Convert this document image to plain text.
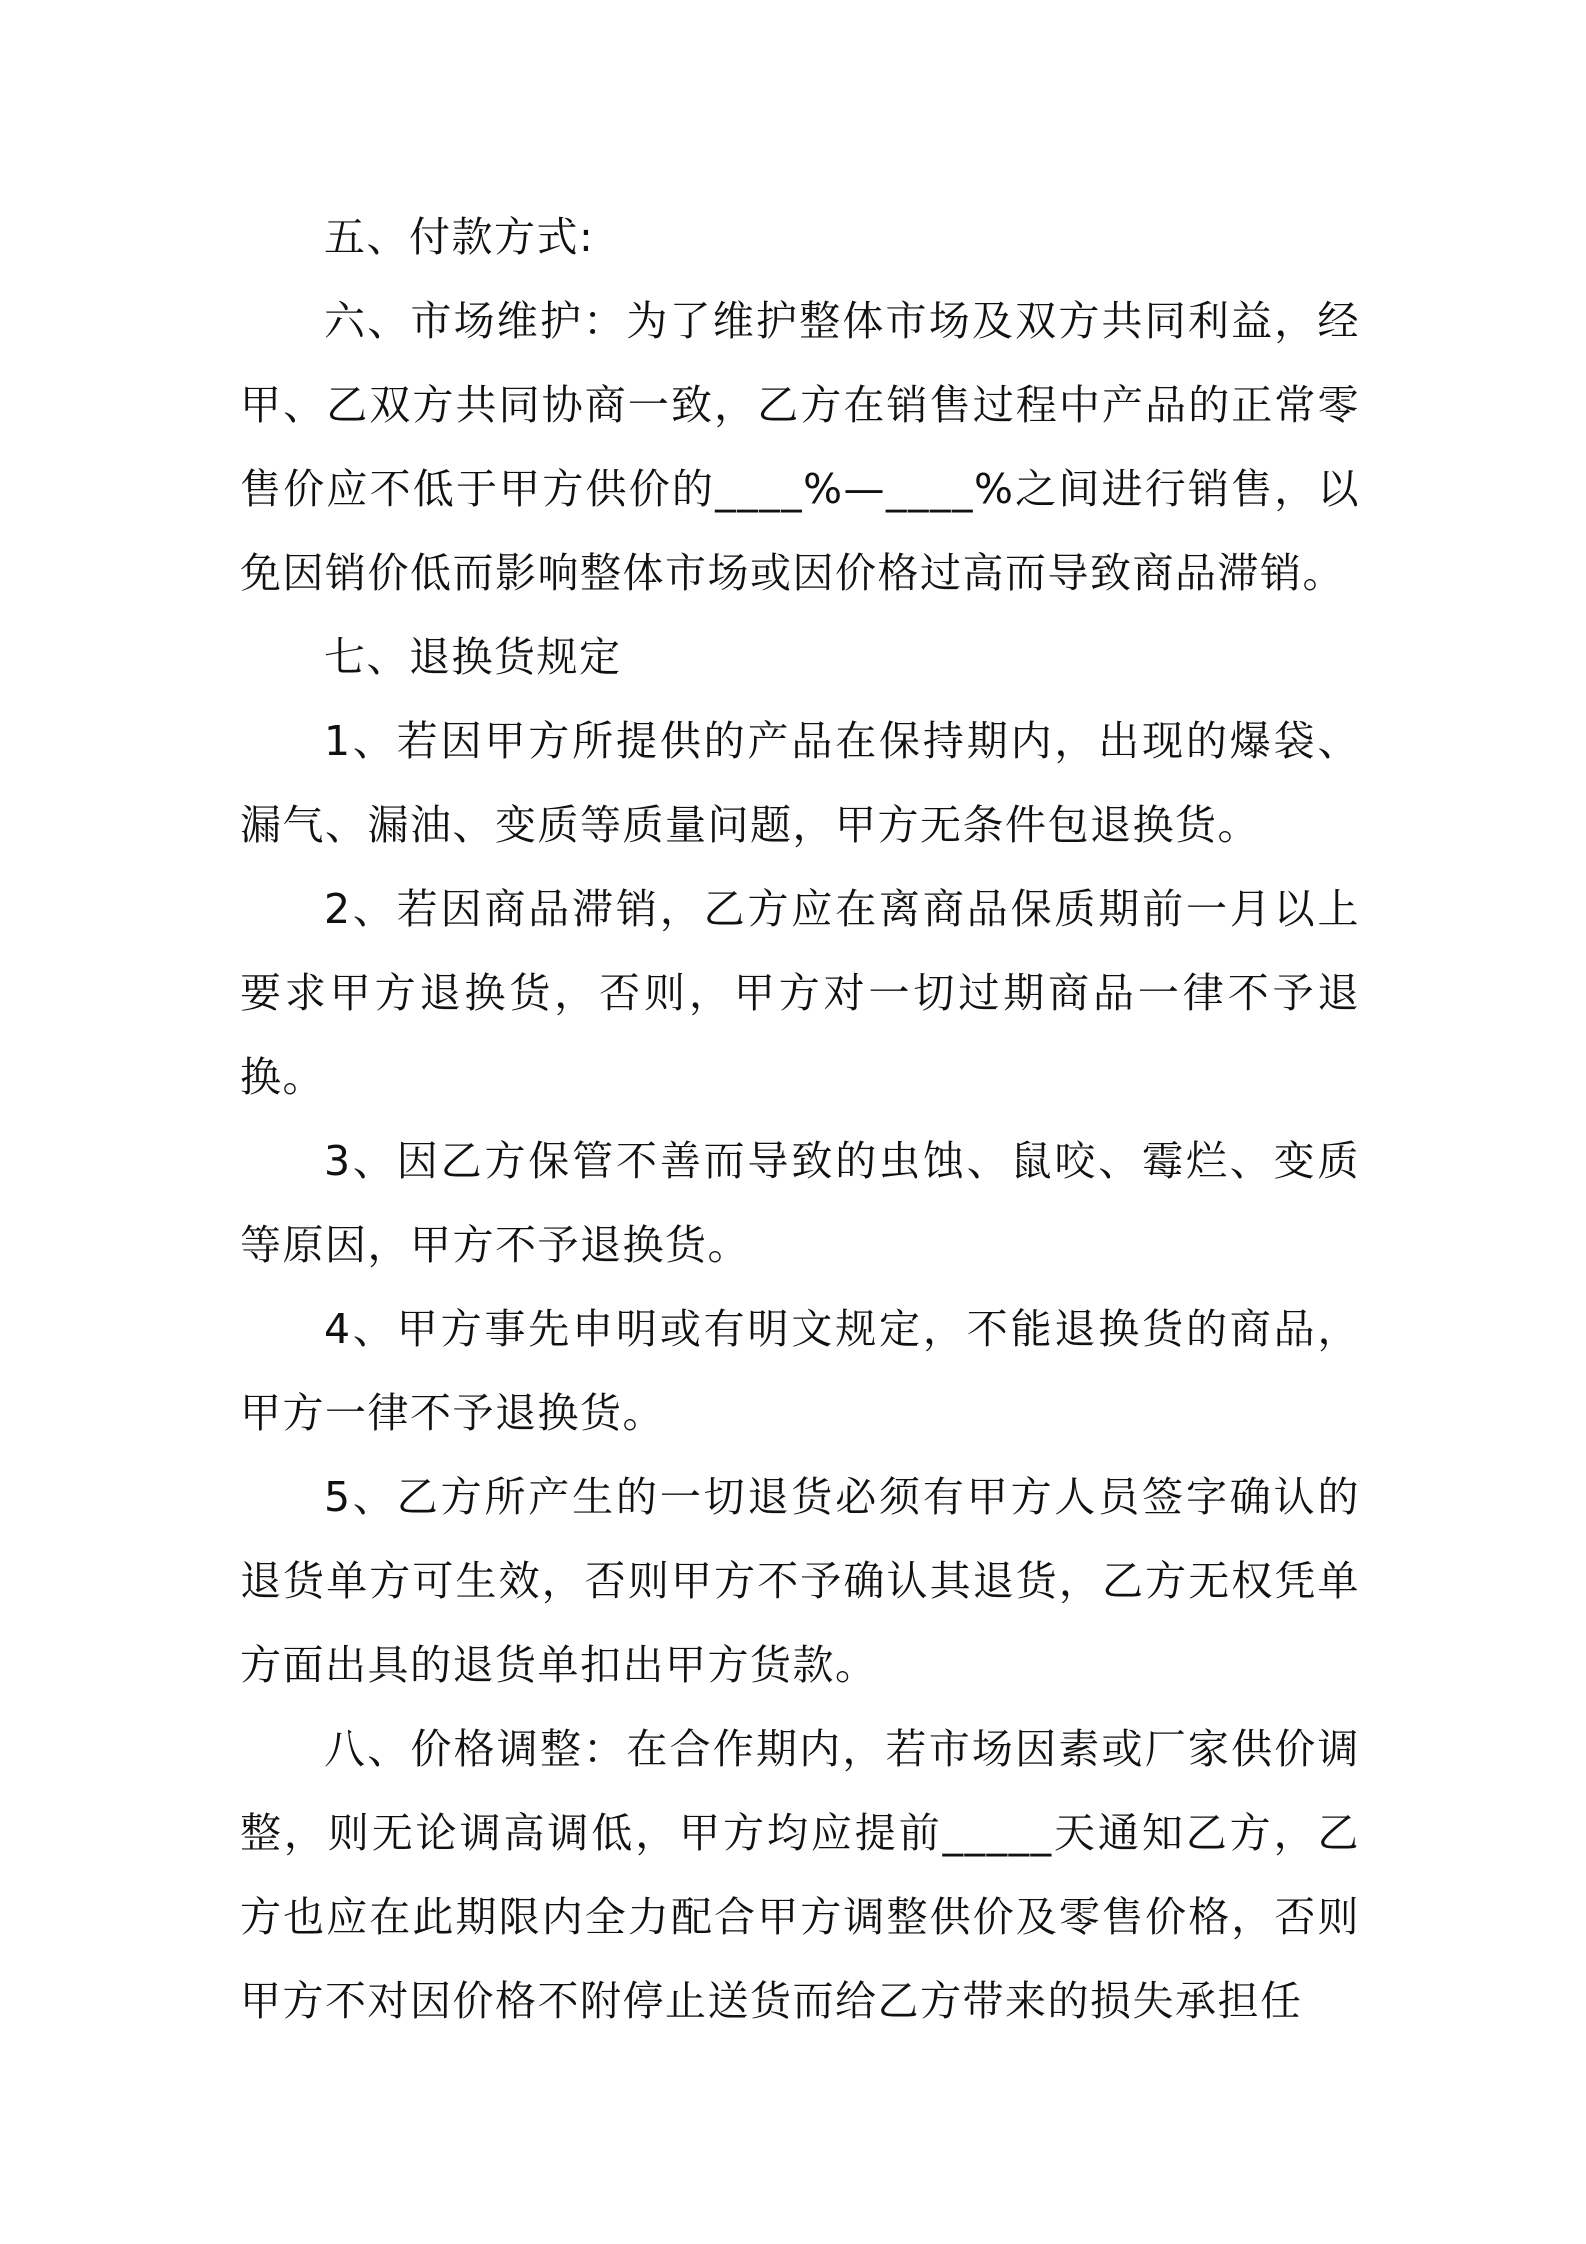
五、付款方式:

六、市场维护：为了维护整体市场及双方共同利益，经甲、乙双方共同协商一致，乙方在销售过程中产品的正常零售价应不低于甲方供价的____%—____%之间进行销售，以免因销价低而影响整体市场或因价格过高而导致商品滞销。

七、退换货规定

1、若因甲方所提供的产品在保持期内，出现的爆袋、漏气、漏油、变质等质量问题，甲方无条件包退换货。

2、若因商品滞销，乙方应在离商品保质期前一月以上要求甲方退换货，否则，甲方对一切过期商品一律不予退换。

3、因乙方保管不善而导致的虫蚀、鼠咬、霉烂、变质等原因，甲方不予退换货。

4、甲方事先申明或有明文规定，不能退换货的商品，甲方一律不予退换货。

5、乙方所产生的一切退货必须有甲方人员签字确认的退货单方可生效，否则甲方不予确认其退货，乙方无权凭单方面出具的退货单扣出甲方货款。

八、价格调整：在合作期内，若市场因素或厂家供价调整，则无论调高调低，甲方均应提前_____天通知乙方，乙方也应在此期限内全力配合甲方调整供价及零售价格，否则甲方不对因价格不附停止送货而给乙方带来的损失承担任
